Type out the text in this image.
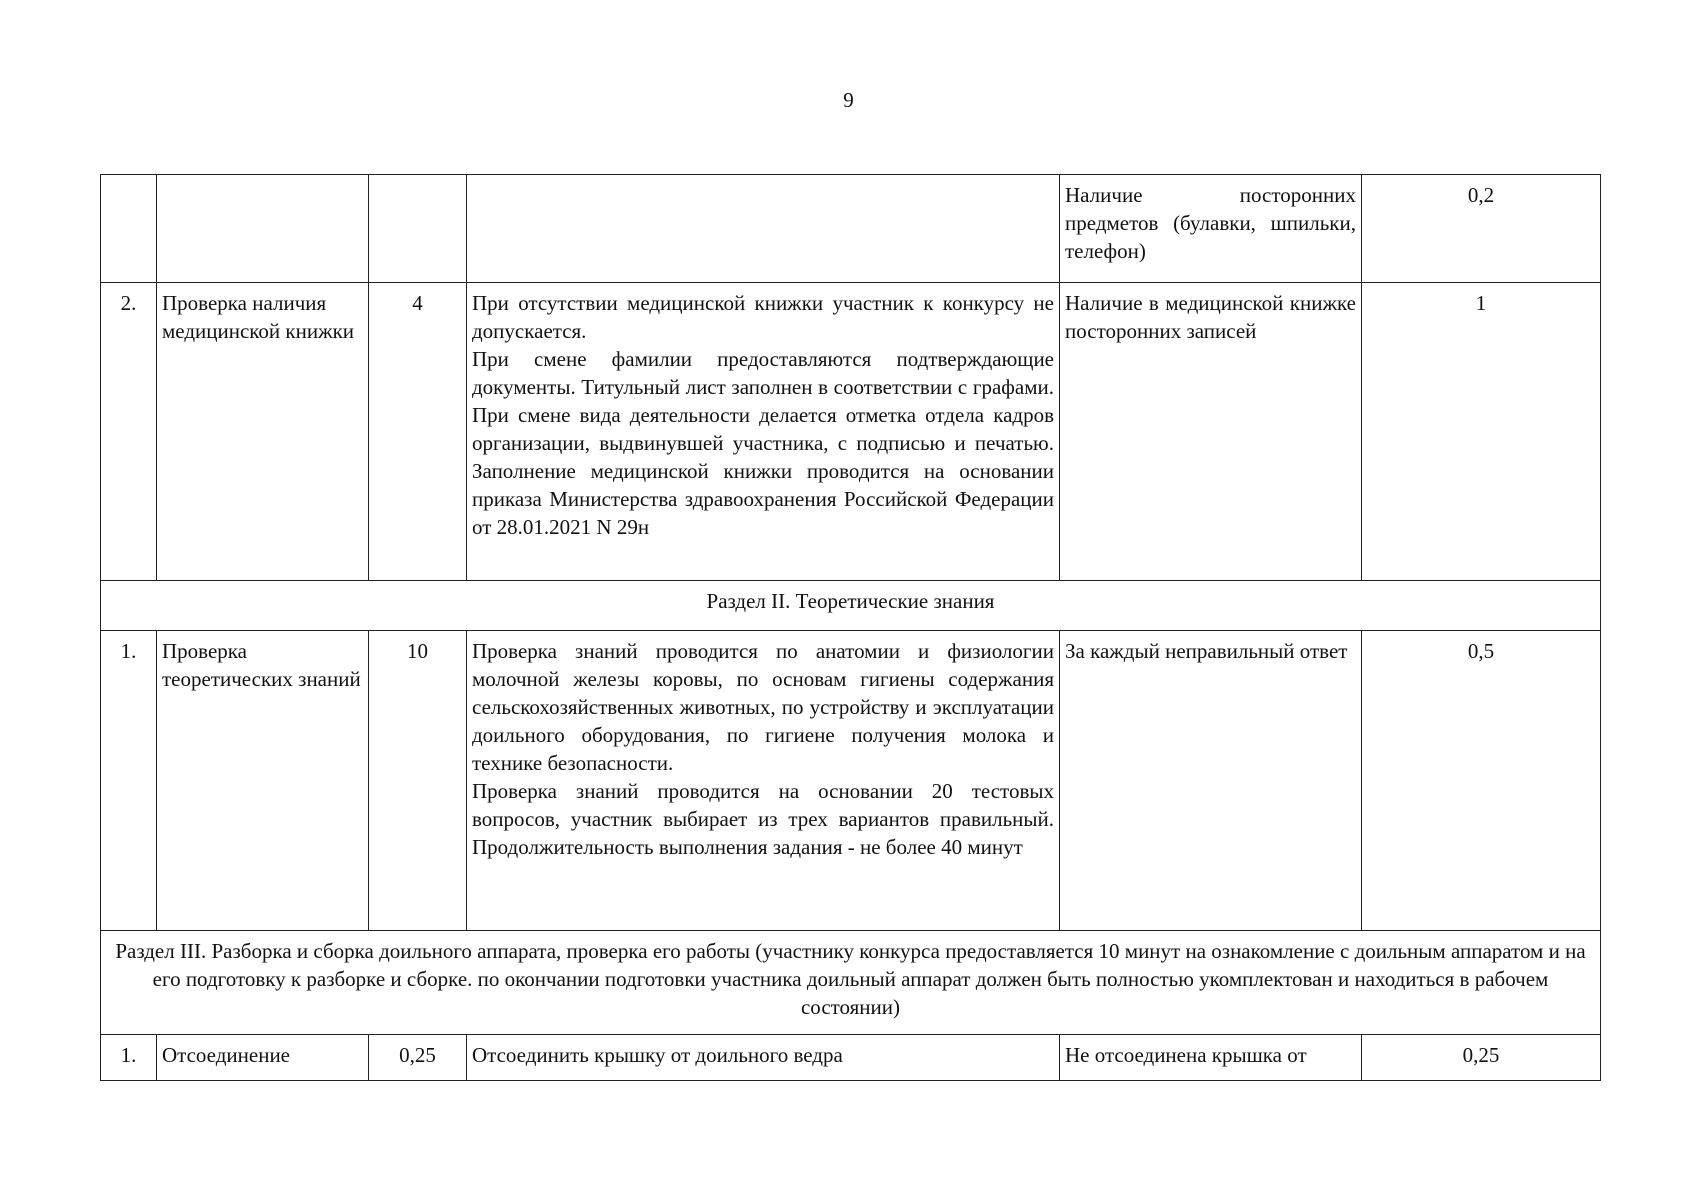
9

				Наличие посторонних предметов (булавки, шпильки, телефон)	0,2
2.	Проверка наличия медицинской книжки	4	При отсутствии медицинской книжки участник к конкурсу не допускается.
При смене фамилии предоставляются подтверждающие документы. Титульный лист заполнен в соответствии с графами. При смене вида деятельности делается отметка отдела кадров организации, выдвинувшей участника, с подписью и печатью. Заполнение медицинской книжки проводится на основании приказа Министерства здравоохранения Российской Федерации от 28.01.2021 N 29н	Наличие в медицинской книжке посторонних записей	1
Раздел II. Теоретические знания					
1.	Проверка теоретических знаний	10	Проверка знаний проводится по анатомии и физиологии молочной железы коровы, по основам гигиены содержания сельскохозяйственных животных, по устройству и эксплуатации доильного оборудования, по гигиене получения молока и технике безопасности.
Проверка знаний проводится на основании 20 тестовых вопросов, участник выбирает из трех вариантов правильный. Продолжительность выполнения задания - не более 40 минут	За каждый неправильный ответ	0,5
Раздел III. Разборка и сборка доильного аппарата, проверка его работы (участнику конкурса предоставляется 10 минут на ознакомление с доильным аппаратом и на его подготовку к разборке и сборке. по окончании подготовки участника доильный аппарат должен быть полностью укомплектован и находиться в рабочем состоянии)					
1.	Отсоединение	0,25	Отсоединить крышку от доильного ведра	Не отсоединена крышка от	0,25
